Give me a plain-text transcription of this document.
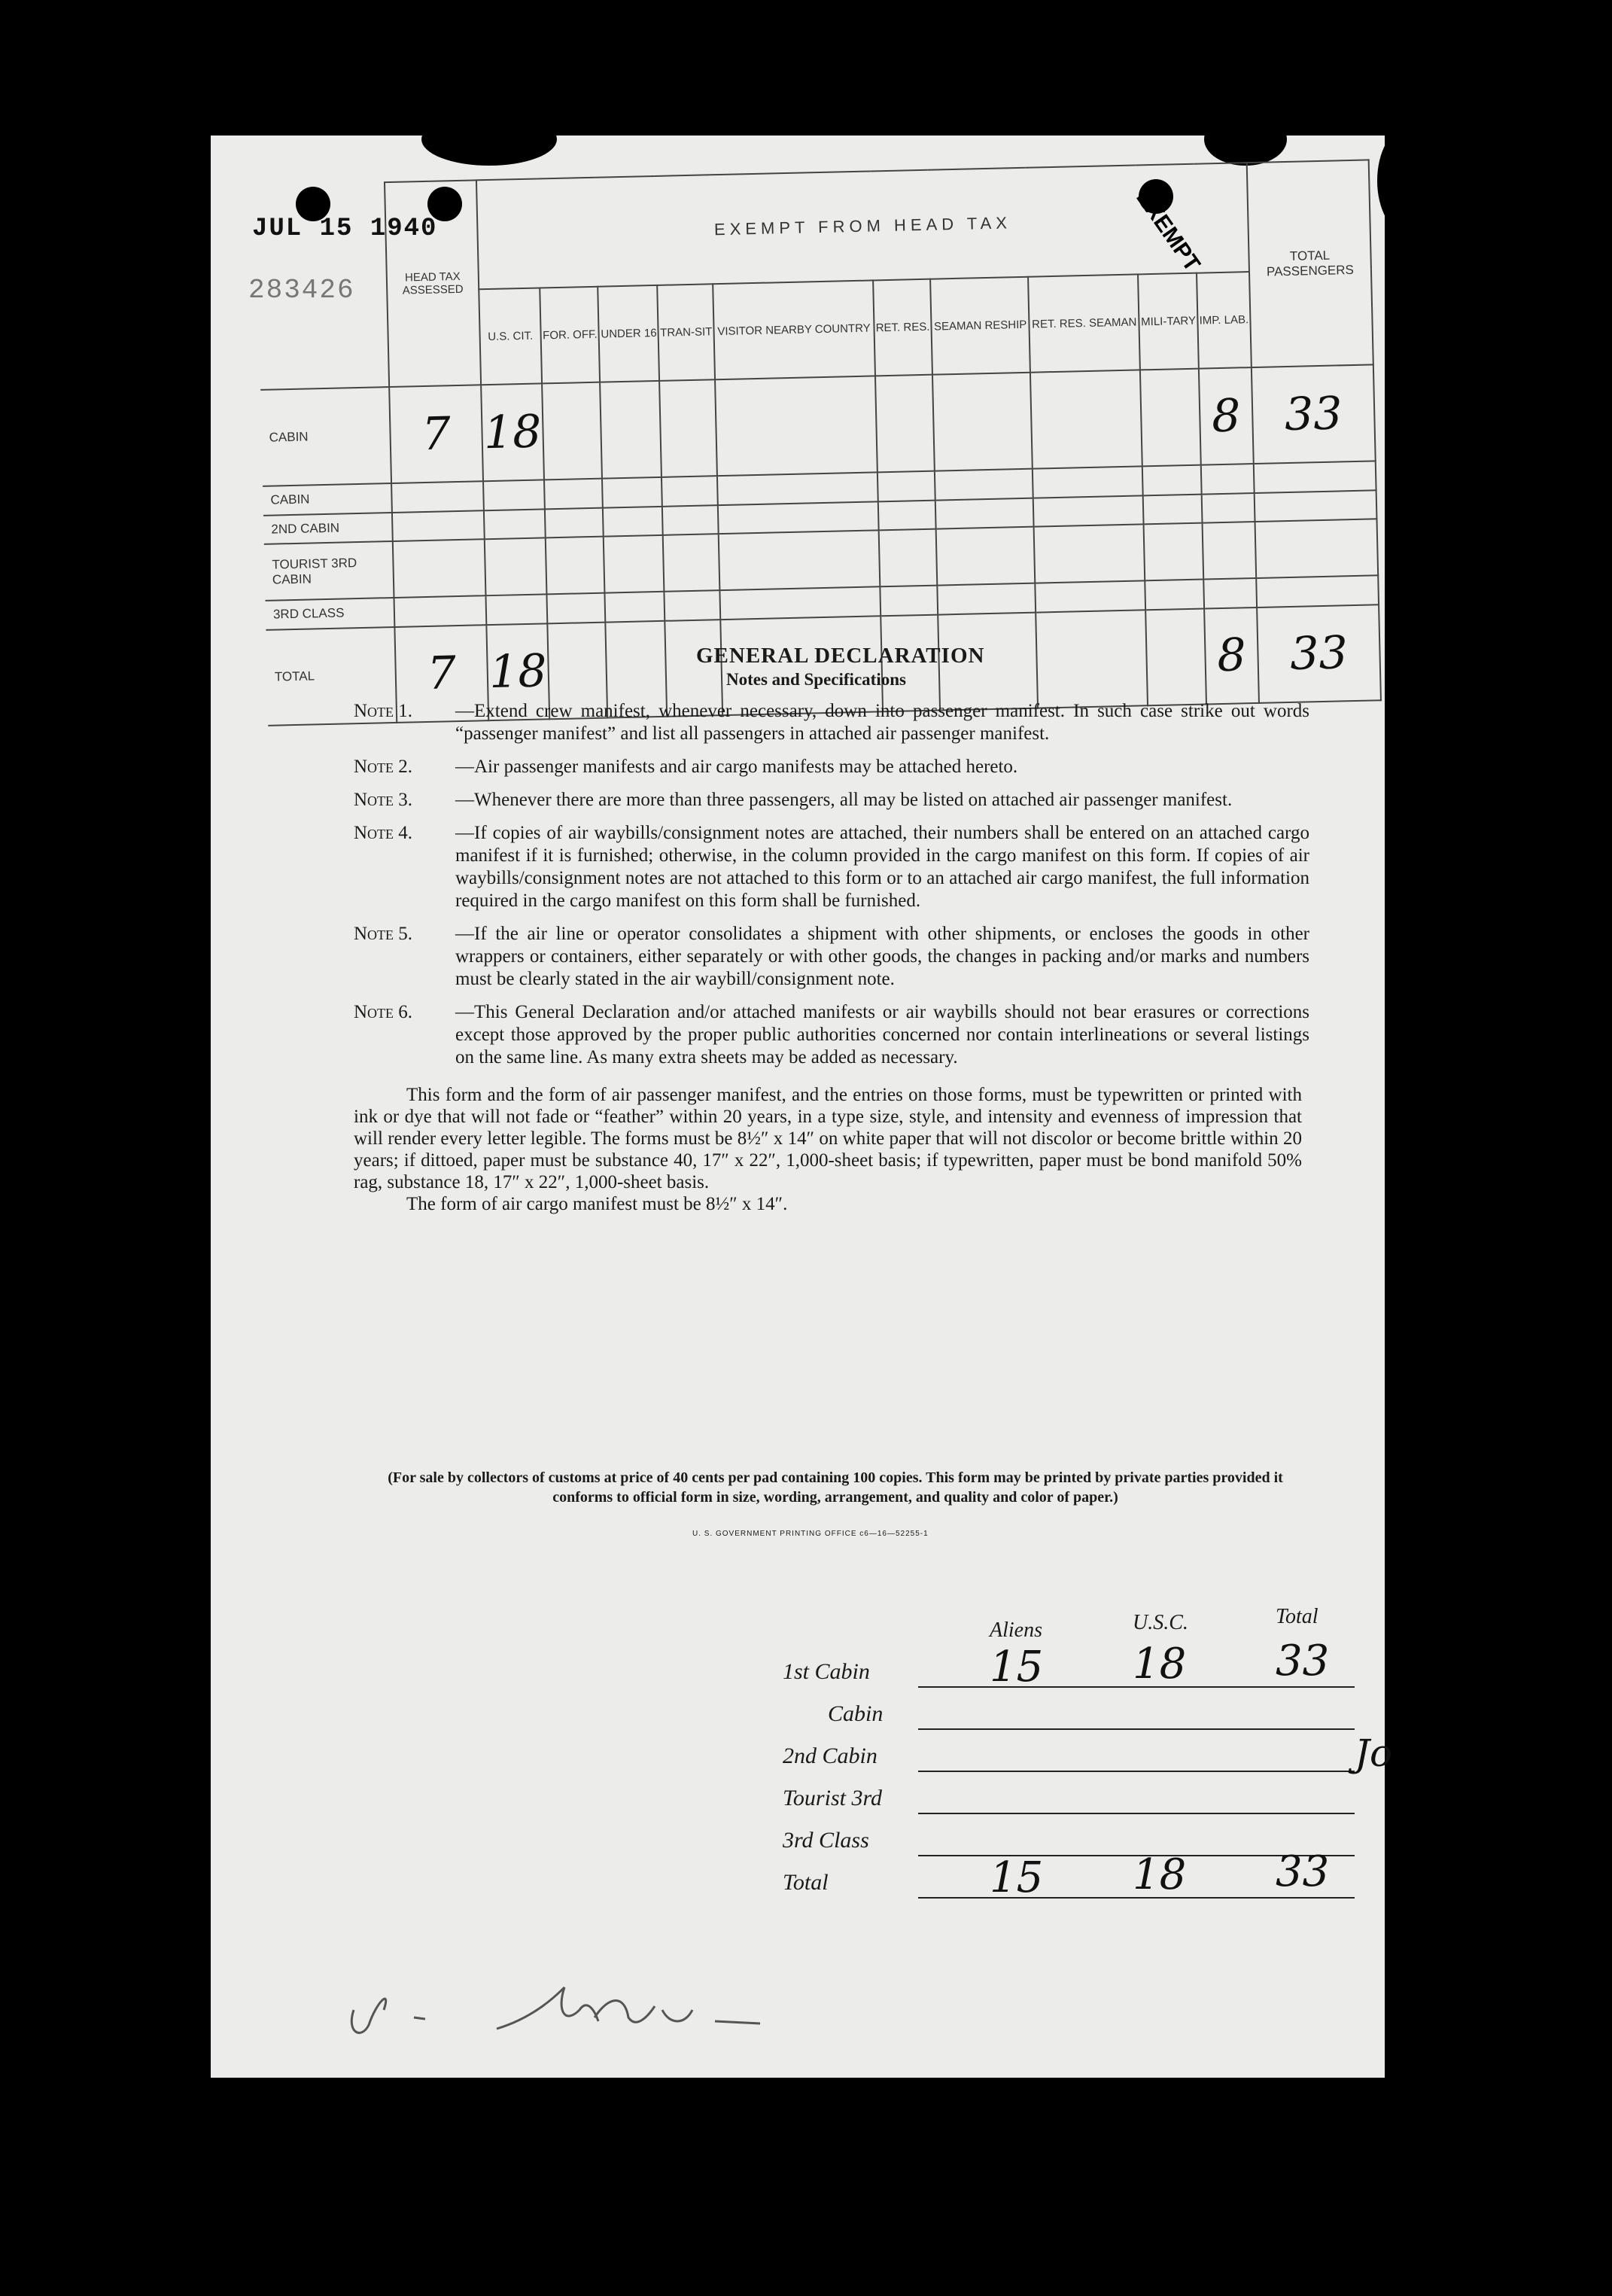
JUL 15 1940
283426
		HEAD TAX ASSESSED	EXEMPT FROM HEAD TAX										TOTAL PASSENGERS
		U.S. CIT.	FOR. OFF.	UNDER 16	TRAN-SIT	VISITOR NEARBY COUNTRY	RET. RES.	SEAMAN RESHIP	RET. RES. SEAMAN	MILI-TARY	IMP. LAB.	
CABIN	7	18									8	33
CABIN												
2ND CABIN												
TOURIST 3RD CABIN												
3RD CLASS												
TOTAL	7	18									8	33
EXEMPT
GENERAL DECLARATION
Notes and Specifications
Note 1.	—Extend crew manifest, whenever necessary, down into passenger manifest. In such case strike out words “passenger manifest” and list all passengers in attached air passenger manifest.
Note 2.	—Air passenger manifests and air cargo manifests may be attached hereto.
Note 3.	—Whenever there are more than three passengers, all may be listed on attached air passenger manifest.
Note 4.	—If copies of air waybills/consignment notes are attached, their numbers shall be entered on an attached cargo manifest if it is furnished; otherwise, in the column provided in the cargo manifest on this form. If copies of air waybills/consignment notes are not attached to this form or to an attached air cargo manifest, the full information required in the cargo manifest on this form shall be furnished.
Note 5.	—If the air line or operator consolidates a shipment with other shipments, or encloses the goods in other wrappers or containers, either separately or with other goods, the changes in packing and/or marks and numbers must be clearly stated in the air waybill/consignment note.
Note 6.	—This General Declaration and/or attached manifests or air waybills should not bear erasures or corrections except those approved by the proper public authorities concerned nor contain interlineations or several listings on the same line. As many extra sheets may be added as necessary.
This form and the form of air passenger manifest, and the entries on those forms, must be typewritten or printed with ink or dye that will not fade or “feather” within 20 years, in a type size, style, and intensity and evenness of impression that will render every letter legible. The forms must be 8½″ x 14″ on white paper that will not discolor or become brittle within 20 years; if dittoed, paper must be substance 40, 17″ x 22″, 1,000-sheet basis; if typewritten, paper must be bond manifold 50% rag, substance 18, 17″ x 22″, 1,000-sheet basis.
The form of air cargo manifest must be 8½″ x 14″.
(For sale by collectors of customs at price of 40 cents per pad containing 100 copies. This form may be printed by private parties provided it conforms to official form in size, wording, arrangement, and quality and color of paper.)
U. S. GOVERNMENT PRINTING OFFICE c6—16—52255-1
Aliens	U.S.C.	Total
1st Cabin	15 18 33
Cabin
2nd Cabin
Tourist 3rd
3rd Class
Total	15 18 33
Jo
